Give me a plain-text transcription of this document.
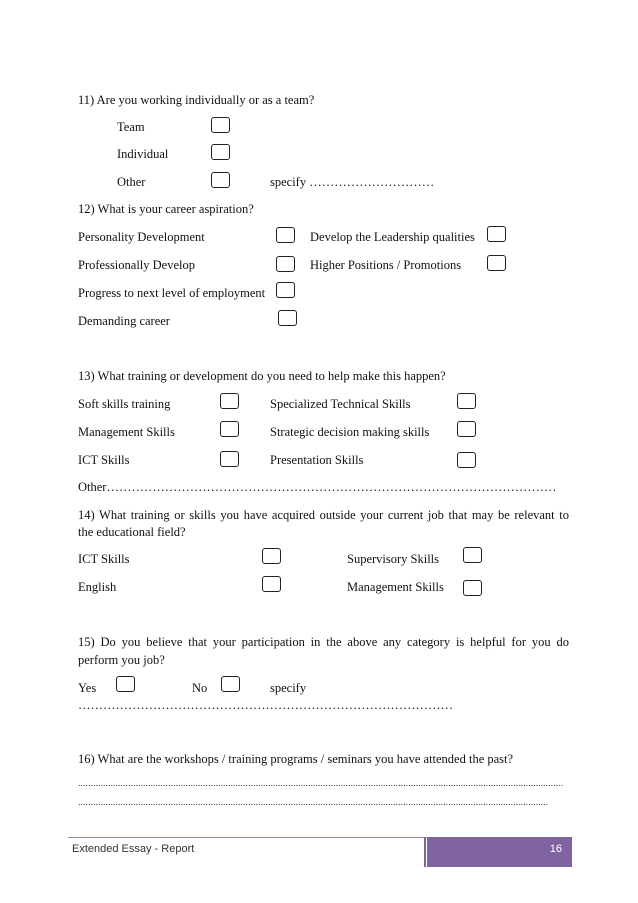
11) Are you working individually or as a team?
Team
Individual
Other	specify …………………………
12) What is your career aspiration?
Personality Development	Develop the Leadership qualities
Professionally Develop	Higher Positions / Promotions
Progress to next level of employment
Demanding career
13) What training or development do you need to help make this happen?
Soft skills training	Specialized Technical Skills
Management Skills	Strategic decision making skills
ICT Skills	Presentation Skills
Other………………………………………………………………………………………………
14) What training or skills you have acquired outside your current job that may be relevant to
the educational field?
ICT Skills	Supervisory Skills
English	Management Skills
15) Do you believe that your participation in the above any category is helpful for you do
perform you job?
Yes	No	specify
………………………………………………………………………………
16) What are the workshops / training programs / seminars you have attended the past?
..................................................................................................................................................................................................
............................................................................................................................................................................................
Extended Essay - Report	16
